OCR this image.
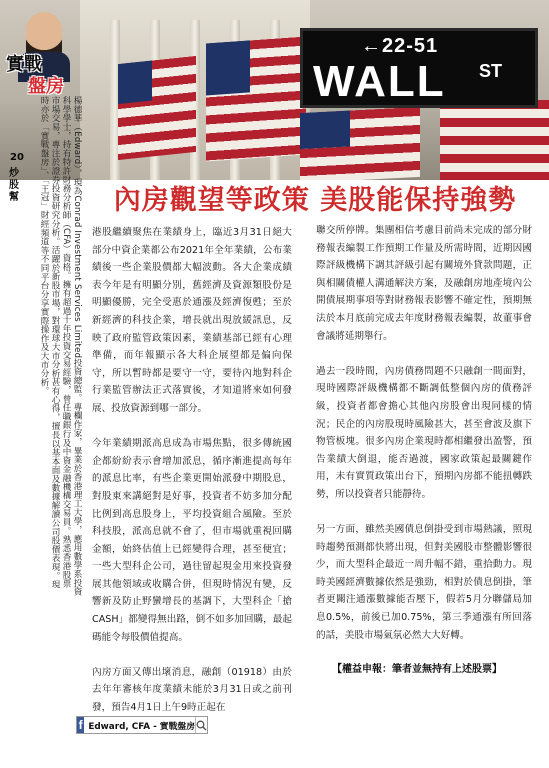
←22-51
WALL ST
實戰
盤房
20
炒股幫	楊德華（Edward），現為Conrad Investment Services Limited投資總監。專欄作家，畢業於香港理工大學，應用數學系投資科學學士，持有特許財務分析師（CFA）資格。擁有超過十年投資交易經驗，曾任職銀行及中資金融機構交易員。熟悉香港股票市場交易，專注於證券投資研究分析。活躍於新股市場，對環球大市分析甚有心得，擅長以基本面及數據解讀公司股價表現。現時亦於「實戰盤房」、「王冠」財經頻道等不同平台分享實際操作及大市分析。	內房觀望等政策 美股能保持強勢

港股繼續聚焦在業績身上，臨近3月31日絕大部分中資企業都公布2021年全年業績，公布業績後一些企業股價都大幅波動。各大企業成績表今年是有明顯分別，舊經濟及資源類股份是明顯優勝，完全受惠於通漲及經濟復甦；至於新經濟的科技企業，增長就出現放緩訊息，反映了政府監管政策因素，業績基部已經有心理準備，而年報顯示各大科企展望都是偏向保守，所以暫時都是要守一守，要待內地對科企行業監管辦法正式落實後，才知道將來如何發展、投放資源到哪一部分。

今年業績期派高息成為市場焦點，很多傳統國企都紛紛表示會增加派息，循序漸進提高每年的派息比率，有些企業更開始派發中期股息，對股東來講絕對是好事，投資者不妨多加分配比例到高息股身上，平均投資組合風險。至於科技股，派高息就不會了，但市場就重視回購金額，始終估值上已經變得合理，甚至便宜；一些大型科企公司，過往留起現金用來投資發展其他領域或收購合併，但現時情況有變，反響新及防止野蠻增長的基調下，大型科企「搶CASH」都變得無出路，倒不如多加回購，最起碼能令每股價值提高。

內房方面又傳出壞消息，融創（01918）由於去年年審核年度業績未能於3月31日或之前刊發，預告4月1日上午9時正起在

聯交所停牌。集團相信考慮目前尚未完成的部分財務報表編製工作預期工作量及所需時間，近期因國際評級機構下調其評級引起有關境外貸款問題，正與相關債權人溝通解決方案，及融創房地產境內公開債展期事項等對財務報表影響不確定性，預期無法於本月底前完成去年度財務報表編製，故董事會會議將延期舉行。

過去一段時間，內房債務問題不只融創一間面對，現時國際評級機構都不斷調低整個內房的債務評級，投資者都會擔心其他內房股會出現同樣的情況；民企的內房股現時風險甚大，甚至會波及旗下物管板塊。很多內房企業現時都相繼發出盈警，預告業績大倒退，能否過渡，國家政策起最關鍵作用，未有實質政策出台下，預期內房都不能扭轉跌勢，所以投資者只能靜待。

另一方面，雖然美國債息倒掛受到市場熱議，照現時趨勢預測都快將出現，但對美國股市整體影響很少，而大型科企最近一周升幅不錯，重拾動力。現時美國經濟數據依然是強勁，相對於債息倒掛，筆者更關注通漲數據能否壓下，假若5月分聯儲局加息0.5%，前後已加0.75%，第三季通漲有所回落的話，美股市場氣氛必然大大好轉。

【權益申報：筆者並無持有上述股票】
f Edward, CFA - 實戰盤房
